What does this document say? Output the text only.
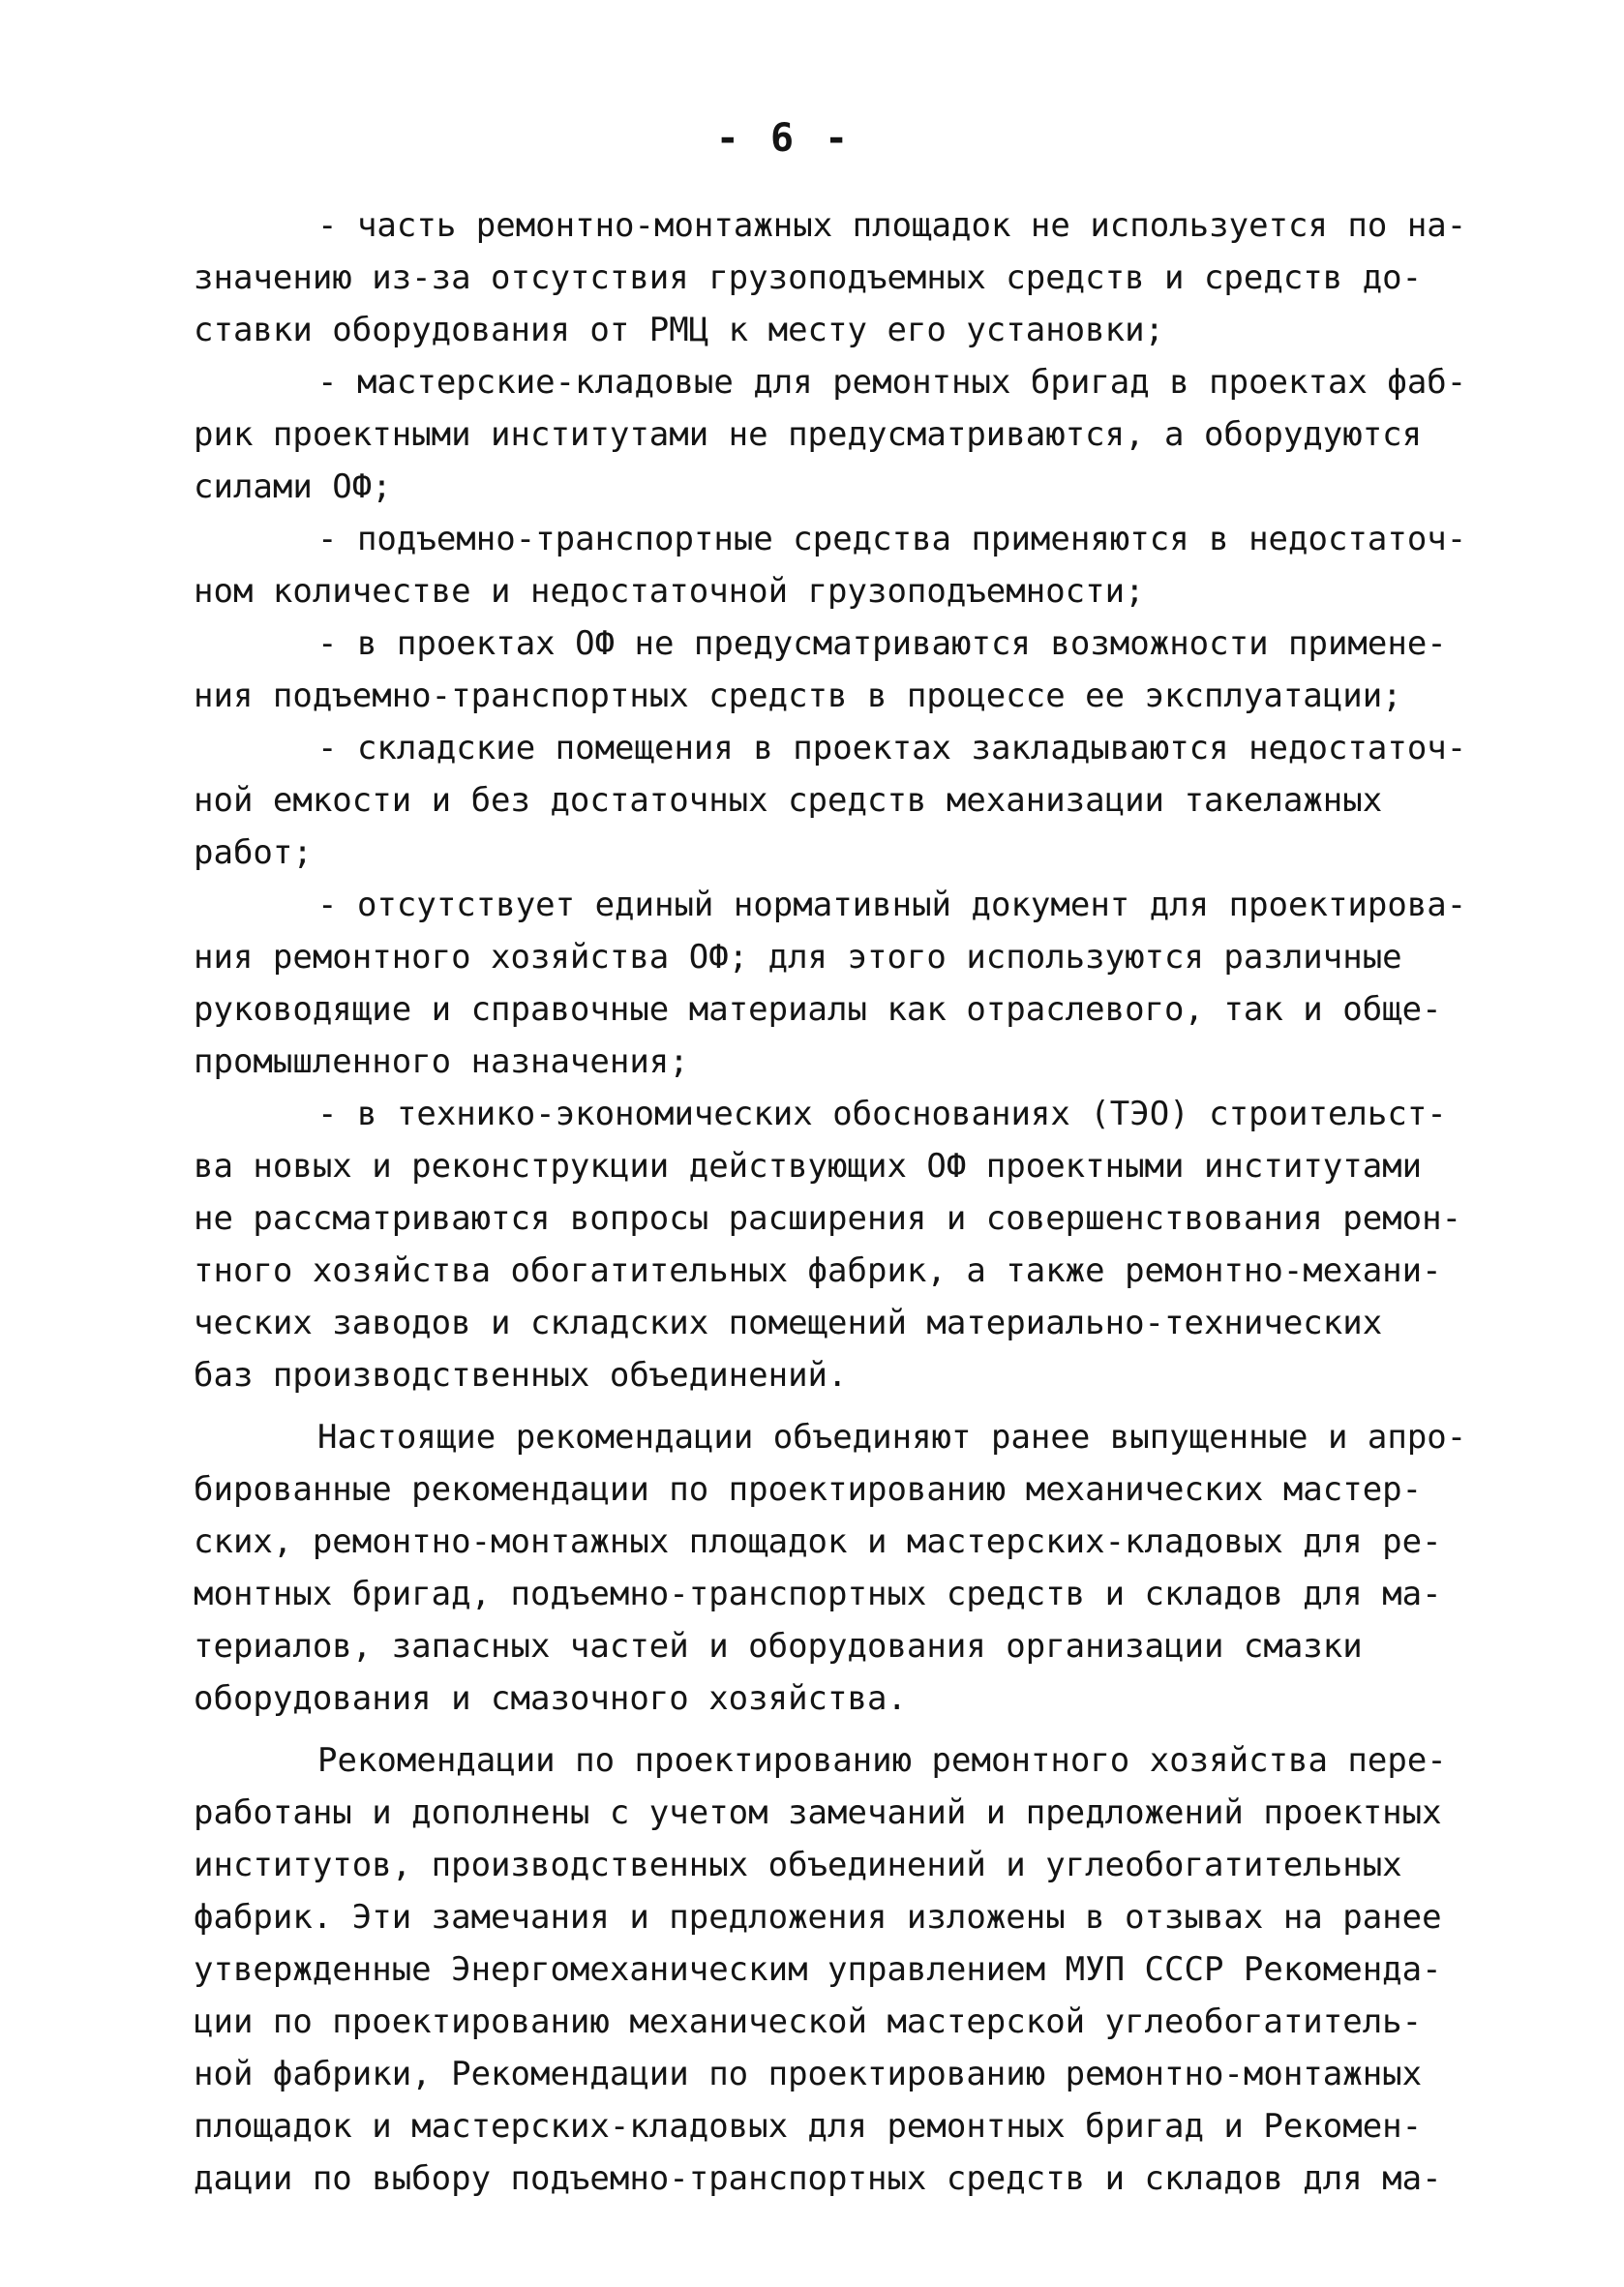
- 6 -
- часть ремонтно-монтажных площадок не используется по на-
значению из-за отсутствия грузоподъемных средств и средств до-
ставки оборудования от РМЦ к месту его установки;
- мастерские-кладовые для ремонтных бригад в проектах фаб-
рик проектными институтами не предусматриваются, а оборудуются
силами ОФ;
- подъемно-транспортные средства применяются в недостаточ-
ном количестве и недостаточной грузоподъемности;
- в проектах ОФ не предусматриваются возможности примене-
ния подъемно-транспортных средств в процессе ее эксплуатации;
- складские помещения в проектах закладываются недостаточ-
ной емкости и без достаточных средств механизации такелажных
работ;
- отсутствует единый нормативный документ для проектирова-
ния ремонтного хозяйства ОФ; для этого используются различные
руководящие и справочные материалы как отраслевого, так и обще-
промышленного назначения;
- в технико-экономических обоснованиях (ТЭО) строительст-
ва новых и реконструкции действующих ОФ проектными институтами
не рассматриваются вопросы расширения и совершенствования ремон-
тного хозяйства обогатительных фабрик, а также ремонтно-механи-
ческих заводов и складских помещений материально-технических
баз производственных объединений.
Настоящие рекомендации объединяют ранее выпущенные и апро-
бированные рекомендации по проектированию механических мастер-
ских, ремонтно-монтажных площадок и мастерских-кладовых для ре-
монтных бригад, подъемно-транспортных средств и складов для ма-
териалов, запасных частей и оборудования организации смазки
оборудования и смазочного хозяйства.
Рекомендации по проектированию ремонтного хозяйства пере-
работаны и дополнены с учетом замечаний и предложений проектных
институтов, производственных объединений и углеобогатительных
фабрик. Эти замечания и предложения изложены в отзывах на ранее
утвержденные Энергомеханическим управлением МУП СССР Рекоменда-
ции по проектированию механической мастерской углеобогатитель-
ной фабрики, Рекомендации по проектированию ремонтно-монтажных
площадок и мастерских-кладовых для ремонтных бригад и Рекомен-
дации по выбору подъемно-транспортных средств и складов для ма-
